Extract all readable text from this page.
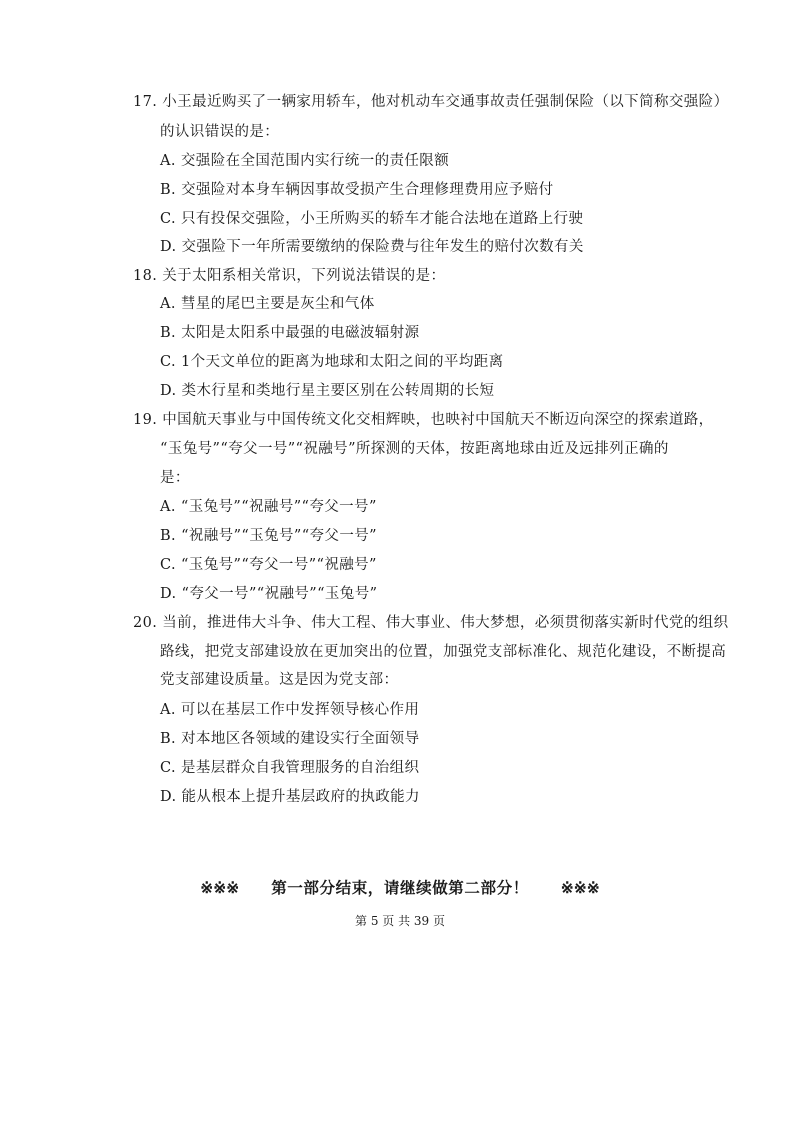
17. 小王最近购买了一辆家用轿车，他对机动车交通事故责任强制保险（以下简称交强险）
的认识错误的是：
A. 交强险在全国范围内实行统一的责任限额
B. 交强险对本身车辆因事故受损产生合理修理费用应予赔付
C. 只有投保交强险，小王所购买的轿车才能合法地在道路上行驶
D. 交强险下一年所需要缴纳的保险费与往年发生的赔付次数有关
18. 关于太阳系相关常识，下列说法错误的是：
A. 彗星的尾巴主要是灰尘和气体
B. 太阳是太阳系中最强的电磁波辐射源
C. 1个天文单位的距离为地球和太阳之间的平均距离
D. 类木行星和类地行星主要区别在公转周期的长短
19. 中国航天事业与中国传统文化交相辉映，也映衬中国航天不断迈向深空的探索道路，
“玉兔号”“夸父一号”“祝融号”所探测的天体，按距离地球由近及远排列正确的
是：
A. “玉兔号”“祝融号”“夸父一号”
B. “祝融号”“玉兔号”“夸父一号”
C. “玉兔号”“夸父一号”“祝融号”
D. “夸父一号”“祝融号”“玉兔号”
20. 当前，推进伟大斗争、伟大工程、伟大事业、伟大梦想，必须贯彻落实新时代党的组织
路线，把党支部建设放在更加突出的位置，加强党支部标准化、规范化建设，不断提高
党支部建设质量。这是因为党支部：
A. 可以在基层工作中发挥领导核心作用
B. 对本地区各领域的建设实行全面领导
C. 是基层群众自我管理服务的自治组织
D. 能从根本上提升基层政府的执政能力
※※※ 第一部分结束，请继续做第二部分！ ※※※
第 5 页 共 39 页
